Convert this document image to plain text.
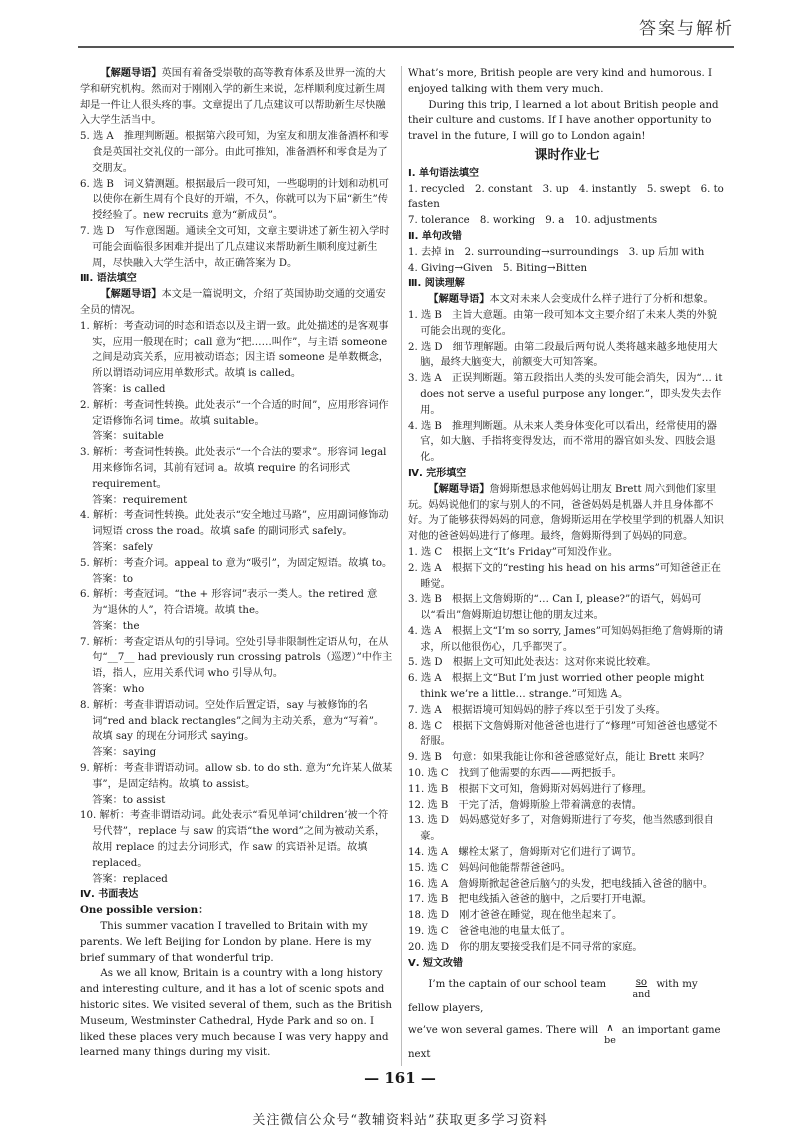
答案与解析

【解题导语】英国有着备受崇敬的高等教育体系及世界一流的大学和研究机构。然而对于刚刚入学的新生来说，怎样顺利度过新生周却是一件让人很头疼的事。文章提出了几点建议可以帮助新生尽快融入大学生活当中。

5. 选 A　推理判断题。根据第六段可知，为室友和朋友准备酒杯和零食是英国社交礼仪的一部分。由此可推知，准备酒杯和零食是为了交朋友。

6. 选 B　词义猜测题。根据最后一段可知，一些聪明的计划和动机可以使你在新生周有个良好的开端，不久，你就可以为下届“新生”传授经验了。new recruits 意为“新成员”。

7. 选 D　写作意图题。通读全文可知，文章主要讲述了新生初入学时可能会面临很多困难并提出了几点建议来帮助新生顺利度过新生周，尽快融入大学生活中，故正确答案为 D。

Ⅲ. 语法填空

【解题导语】本文是一篇说明文，介绍了英国协助交通的交通安全员的情况。

1. 解析：考查动词的时态和语态以及主谓一致。此处描述的是客观事实，应用一般现在时；call 意为“把……叫作”，与主语 someone 之间是动宾关系，应用被动语态；因主语 someone 是单数概念，所以谓语动词应用单数形式。故填 is called。

答案：is called

2. 解析：考查词性转换。此处表示“一个合适的时间”，应用形容词作定语修饰名词 time。故填 suitable。

答案：suitable

3. 解析：考查词性转换。此处表示“一个合法的要求”。形容词 legal 用来修饰名词，其前有冠词 a。故填 require 的名词形式 requirement。

答案：requirement

4. 解析：考查词性转换。此处表示“安全地过马路”，应用副词修饰动词短语 cross the road。故填 safe 的副词形式 safely。

答案：safely

5. 解析：考查介词。appeal to 意为“吸引”，为固定短语。故填 to。

答案：to

6. 解析：考查冠词。“the + 形容词”表示一类人。the retired 意为“退休的人”，符合语境。故填 the。

答案：the

7. 解析：考查定语从句的引导词。空处引导非限制性定语从句，在从句“__7__ had previously run crossing patrols（巡逻）”中作主语，指人，应用关系代词 who 引导从句。

答案：who

8. 解析：考查非谓语动词。空处作后置定语，say 与被修饰的名词“red and black rectangles”之间为主动关系，意为“写着”。故填 say 的现在分词形式 saying。

答案：saying

9. 解析：考查非谓语动词。allow sb. to do sth. 意为“允许某人做某事”，是固定结构。故填 to assist。

答案：to assist

10. 解析：考查非谓语动词。此处表示“看见单词‘children’被一个符号代替”，replace 与 saw 的宾语“the word”之间为被动关系，故用 replace 的过去分词形式，作 saw 的宾语补足语。故填 replaced。

答案：replaced

Ⅳ. 书面表达

One possible version：

This summer vacation I travelled to Britain with my parents. We left Beijing for London by plane. Here is my brief summary of that wonderful trip.

As we all know, Britain is a country with a long history and interesting culture, and it has a lot of scenic spots and historic sites. We visited several of them, such as the British Museum, Westminster Cathedral, Hyde Park and so on. I liked these places very much because I was very happy and learned many things during my visit.

What’s more, British people are very kind and humorous. I enjoyed talking with them very much.

During this trip, I learned a lot about British people and their culture and customs. If I have another opportunity to travel in the future, I will go to London again!

课时作业七

Ⅰ. 单句语法填空

1. recycled　2. constant　3. up　4. instantly　5. swept　6. to fasten

7. tolerance　8. working　9. a　10. adjustments

Ⅱ. 单句改错

1. 去掉 in　2. surrounding→surroundings　3. up 后加 with

4. Giving→Given　5. Biting→Bitten

Ⅲ. 阅读理解

【解题导语】本文对未来人会变成什么样子进行了分析和想象。

1. 选 B　主旨大意题。由第一段可知本文主要介绍了未来人类的外貌可能会出现的变化。

2. 选 D　细节理解题。由第二段最后两句说人类将越来越多地使用大脑，最终大脑变大，前额变大可知答案。

3. 选 A　正误判断题。第五段指出人类的头发可能会消失，因为“… it does not serve a useful purpose any longer.”，即头发失去作用。

4. 选 B　推理判断题。从未来人类身体变化可以看出，经常使用的器官，如大脑、手指将变得发达，而不常用的器官如头发、四肢会退化。

Ⅳ. 完形填空

【解题导语】詹姆斯想恳求他妈妈让朋友 Brett 周六到他们家里玩。妈妈说他们的家与别人的不同，爸爸妈妈是机器人并且身体都不好。为了能够获得妈妈的同意，詹姆斯运用在学校里学到的机器人知识对他的爸爸妈妈进行了修理。最终，詹姆斯得到了妈妈的同意。

1. 选 C　根据上文“It’s Friday”可知没作业。

2. 选 A　根据下文的“resting his head on his arms”可知爸爸正在睡觉。

3. 选 B　根据上文詹姆斯的“… Can I, please?”的语气，妈妈可以“看出”詹姆斯迫切想让他的朋友过来。

4. 选 A　根据上文“I’m so sorry, James”可知妈妈拒绝了詹姆斯的请求，所以他很伤心，几乎都哭了。

5. 选 D　根据上文可知此处表达：这对你来说比较难。

6. 选 A　根据上文“But I’m just worried other people might think we’re a little… strange.”可知选 A。

7. 选 A　根据语境可知妈妈的脖子疼以至于引发了头疼。

8. 选 C　根据下文詹姆斯对他爸爸也进行了“修理”可知爸爸也感觉不舒服。

9. 选 B　句意：如果我能让你和爸爸感觉好点，能让 Brett 来吗？

10. 选 C　找到了他需要的东西——两把扳手。

11. 选 B　根据下文可知，詹姆斯对妈妈进行了修理。

12. 选 B　干完了活，詹姆斯脸上带着满意的表情。

13. 选 D　妈妈感觉好多了，对詹姆斯进行了夸奖，他当然感到很自豪。

14. 选 A　螺栓太紧了，詹姆斯对它们进行了调节。

15. 选 C　妈妈问他能帮帮爸爸吗。

16. 选 A　詹姆斯掀起爸爸后脑勺的头发，把电线插入爸爸的脑中。

17. 选 B　把电线插入爸爸的脑中，之后要打开电源。

18. 选 D　刚才爸爸在睡觉，现在他坐起来了。

19. 选 C　爸爸电池的电量太低了。

20. 选 D　你的朋友要接受我们是不同寻常的家庭。

Ⅴ. 短文改错

I’m the captain of our school team	so
and
with my fellow players,

we’ve won several games. There will ∧
be
an important game next

— 161 —
关注微信公众号“教辅资料站”获取更多学习资料
